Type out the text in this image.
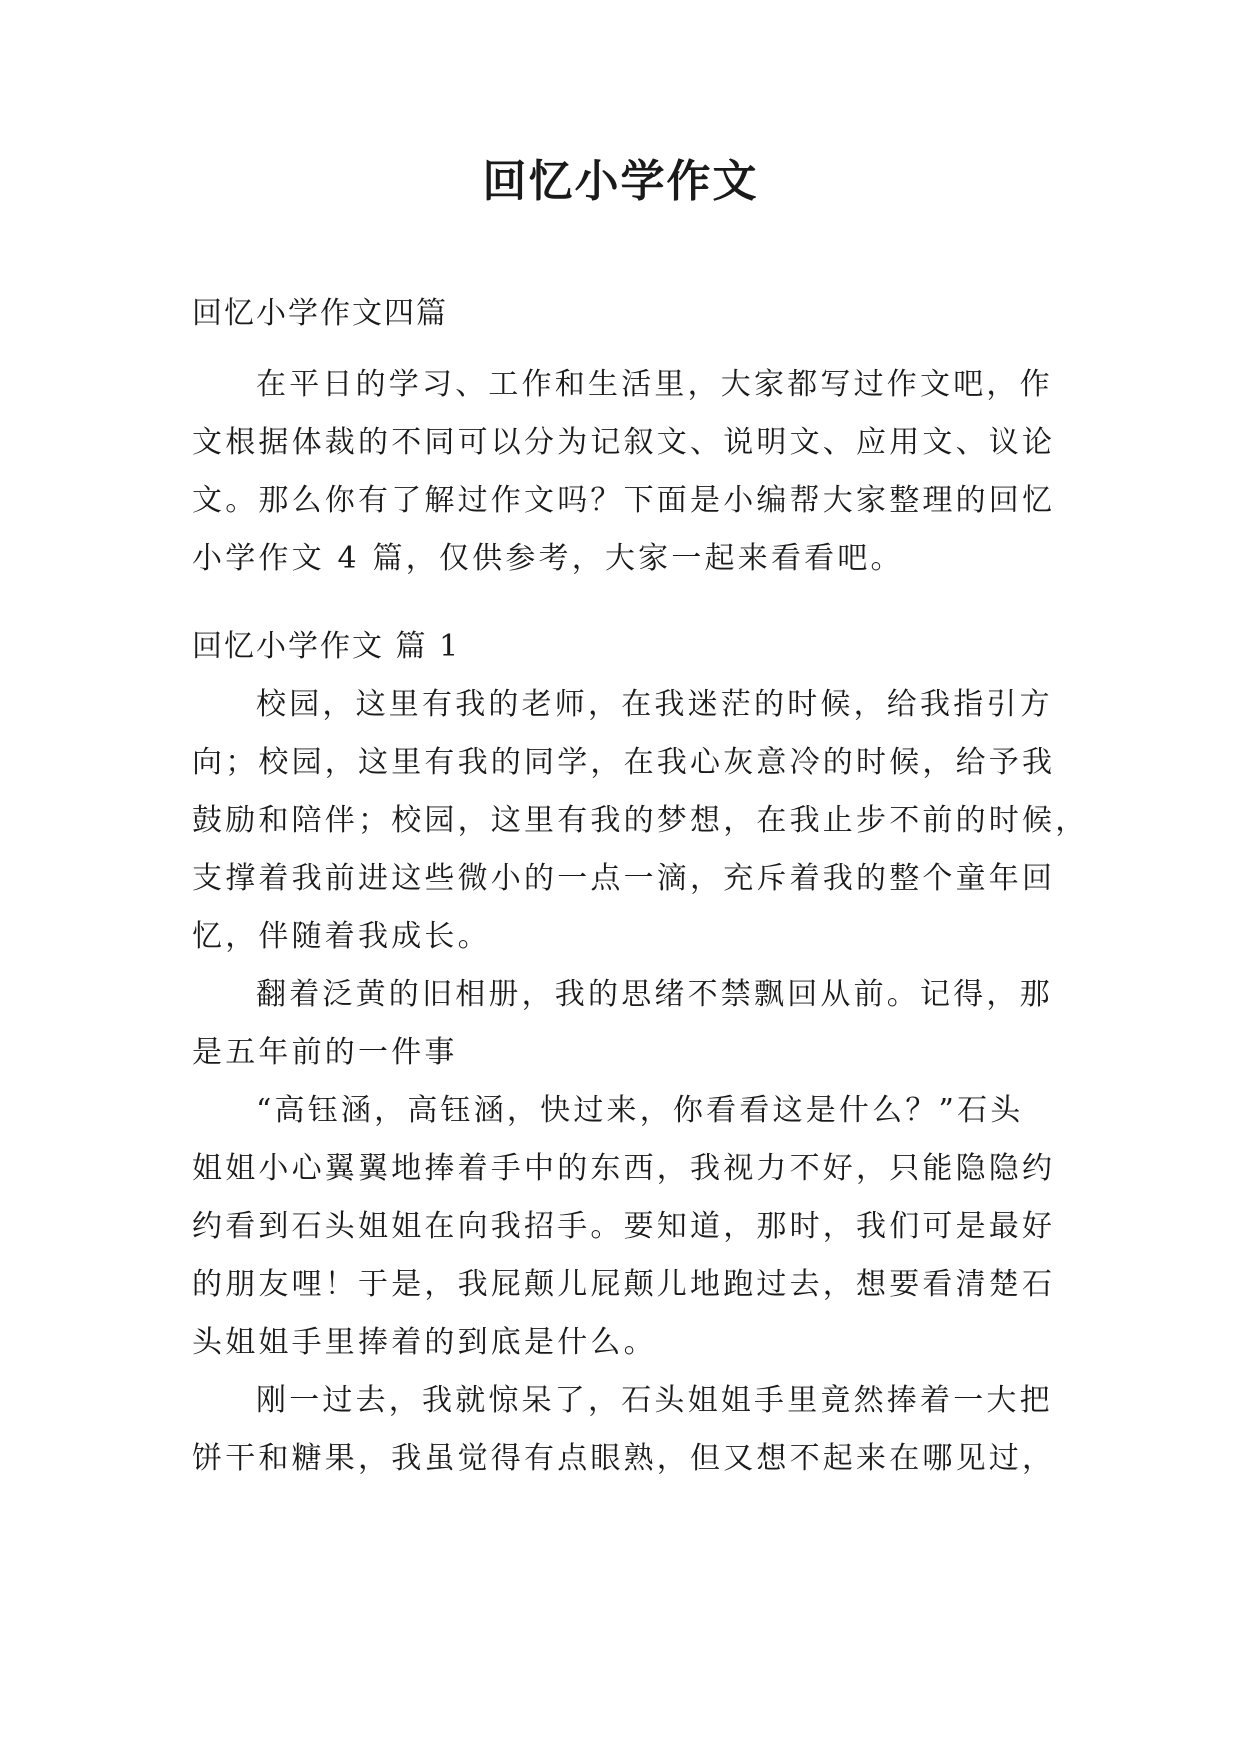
回忆小学作文

回忆小学作文四篇

在平日的学习、工作和生活里，大家都写过作文吧，作
文根据体裁的不同可以分为记叙文、说明文、应用文、议论
文。那么你有了解过作文吗？下面是小编帮大家整理的回忆
小学作文 4 篇，仅供参考，大家一起来看看吧。
回忆小学作文 篇 1
校园，这里有我的老师，在我迷茫的时候，给我指引方
向；校园，这里有我的同学，在我心灰意冷的时候，给予我
鼓励和陪伴；校园，这里有我的梦想，在我止步不前的时候，
支撑着我前进这些微小的一点一滴，充斥着我的整个童年回
忆，伴随着我成长。
翻着泛黄的旧相册，我的思绪不禁飘回从前。记得，那
是五年前的一件事
“高钰涵，高钰涵，快过来，你看看这是什么？”石头
姐姐小心翼翼地捧着手中的东西，我视力不好，只能隐隐约
约看到石头姐姐在向我招手。要知道，那时，我们可是最好
的朋友哩！于是，我屁颠儿屁颠儿地跑过去，想要看清楚石
头姐姐手里捧着的到底是什么。
刚一过去，我就惊呆了，石头姐姐手里竟然捧着一大把
饼干和糖果，我虽觉得有点眼熟，但又想不起来在哪见过，
